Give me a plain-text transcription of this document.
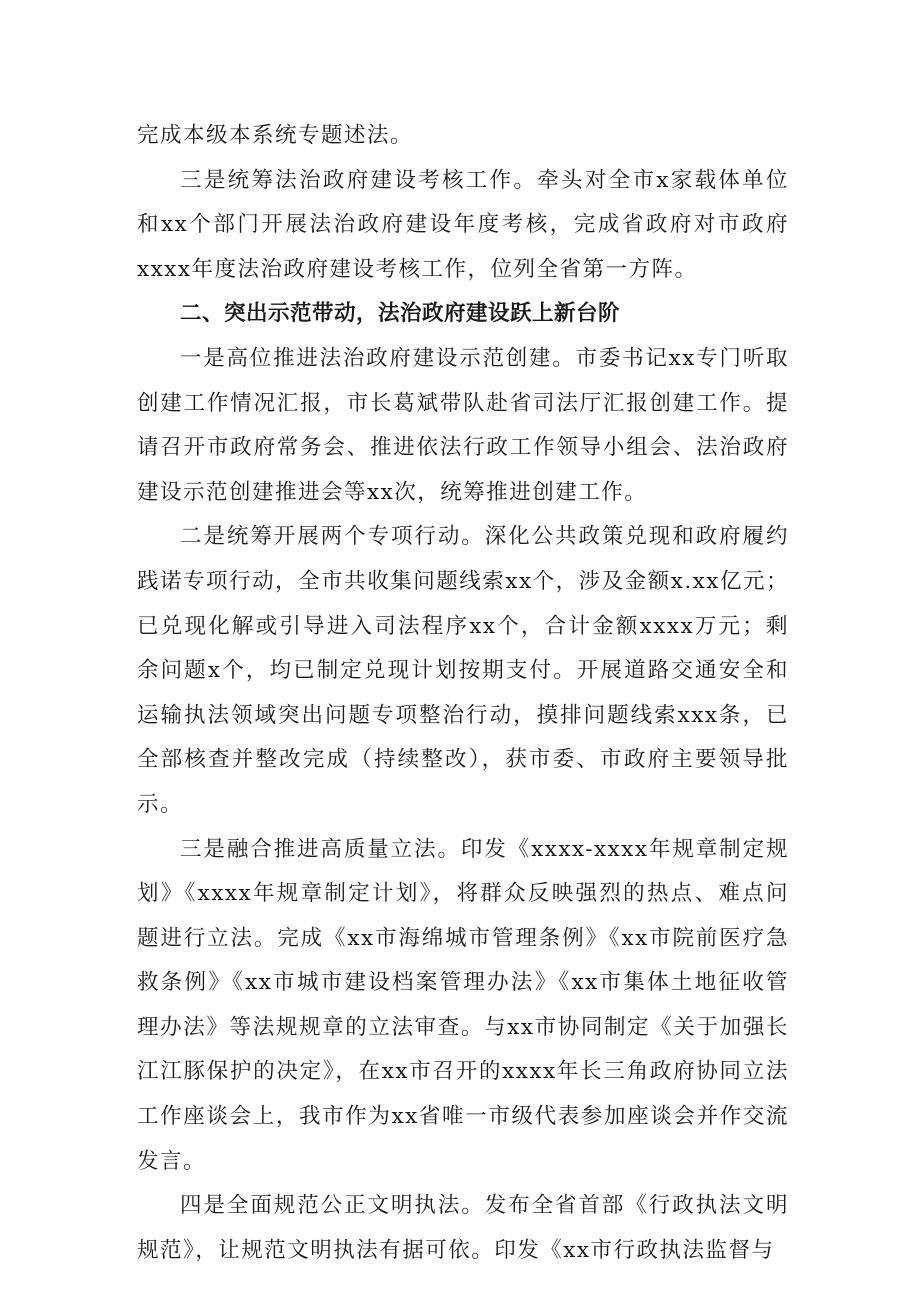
完成本级本系统专题述法。

三是统筹法治政府建设考核工作。牵头对全市x家载体单位和xx个部门开展法治政府建设年度考核，完成省政府对市政府xxxx年度法治政府建设考核工作，位列全省第一方阵。

二、突出示范带动，法治政府建设跃上新台阶

一是高位推进法治政府建设示范创建。市委书记xx专门听取创建工作情况汇报，市长葛斌带队赴省司法厅汇报创建工作。提请召开市政府常务会、推进依法行政工作领导小组会、法治政府建设示范创建推进会等xx次，统筹推进创建工作。

二是统筹开展两个专项行动。深化公共政策兑现和政府履约践诺专项行动，全市共收集问题线索xx个，涉及金额x.xx亿元；已兑现化解或引导进入司法程序xx个，合计金额xxxx万元；剩余问题x个，均已制定兑现计划按期支付。开展道路交通安全和运输执法领域突出问题专项整治行动，摸排问题线索xxx条，已全部核查并整改完成（持续整改），获市委、市政府主要领导批示。

三是融合推进高质量立法。印发《xxxx-xxxx年规章制定规划》《xxxx年规章制定计划》，将群众反映强烈的热点、难点问题进行立法。完成《xx市海绵城市管理条例》《xx市院前医疗急救条例》《xx市城市建设档案管理办法》《xx市集体土地征收管理办法》等法规规章的立法审查。与xx市协同制定《关于加强长江江豚保护的决定》，在xx市召开的xxxx年长三角政府协同立法工作座谈会上，我市作为xx省唯一市级代表参加座谈会并作交流发言。

四是全面规范公正文明执法。发布全省首部《行政执法文明规范》，让规范文明执法有据可依。印发《xx市行政执法监督与
